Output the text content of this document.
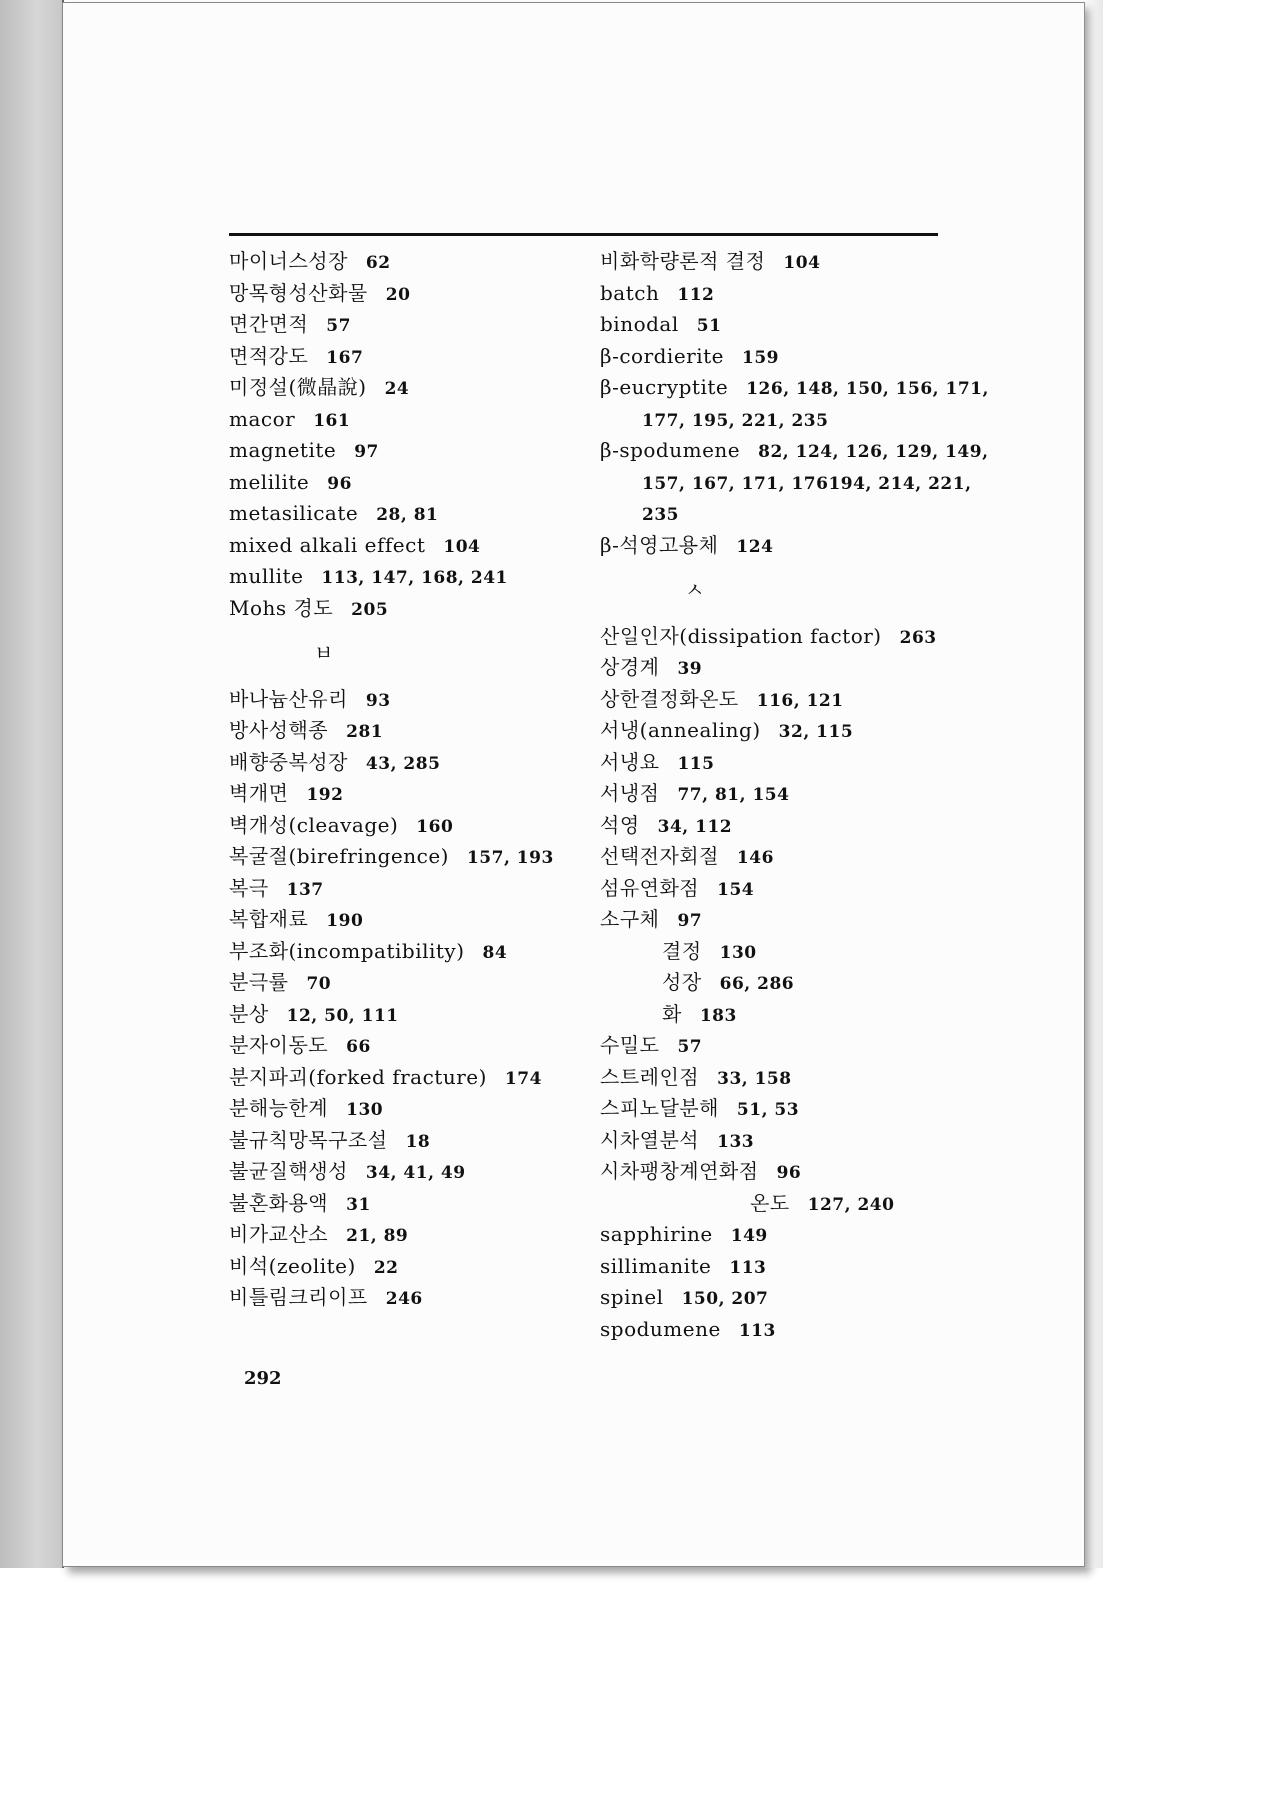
마이너스성장 62
망목형성산화물 20
면간면적 57
면적강도 167
미정설(微晶說) 24
macor 161
magnetite 97
melilite 96
metasilicate 28, 81
mixed alkali effect 104
mullite 113, 147, 168, 241
Mohs 경도 205
ㅂ
바나늄산유리 93
방사성핵종 281
배향중복성장 43, 285
벽개면 192
벽개성(cleavage) 160
복굴절(birefringence) 157, 193
복극 137
복합재료 190
부조화(incompatibility) 84
분극률 70
분상 12, 50, 111
분자이동도 66
분지파괴(forked fracture) 174
분해능한계 130
불규칙망목구조설 18
불균질핵생성 34, 41, 49
불혼화용액 31
비가교산소 21, 89
비석(zeolite) 22
비틀림크리이프 246
비화학량론적 결정 104
batch 112
binodal 51
β-cordierite 159
β-eucryptite 126, 148, 150, 156, 171,
177, 195, 221, 235
β-spodumene 82, 124, 126, 129, 149,
157, 167, 171, 176194, 214, 221,
235
β-석영고용체 124
ㅅ
산일인자(dissipation factor) 263
상경계 39
상한결정화온도 116, 121
서냉(annealing) 32, 115
서냉요 115
서냉점 77, 81, 154
석영 34, 112
선택전자회절 146
섬유연화점 154
소구체 97
결정 130
성장 66, 286
화 183
수밀도 57
스트레인점 33, 158
스피노달분해 51, 53
시차열분석 133
시차팽창계연화점 96
온도 127, 240
sapphirine 149
sillimanite 113
spinel 150, 207
spodumene 113
292
